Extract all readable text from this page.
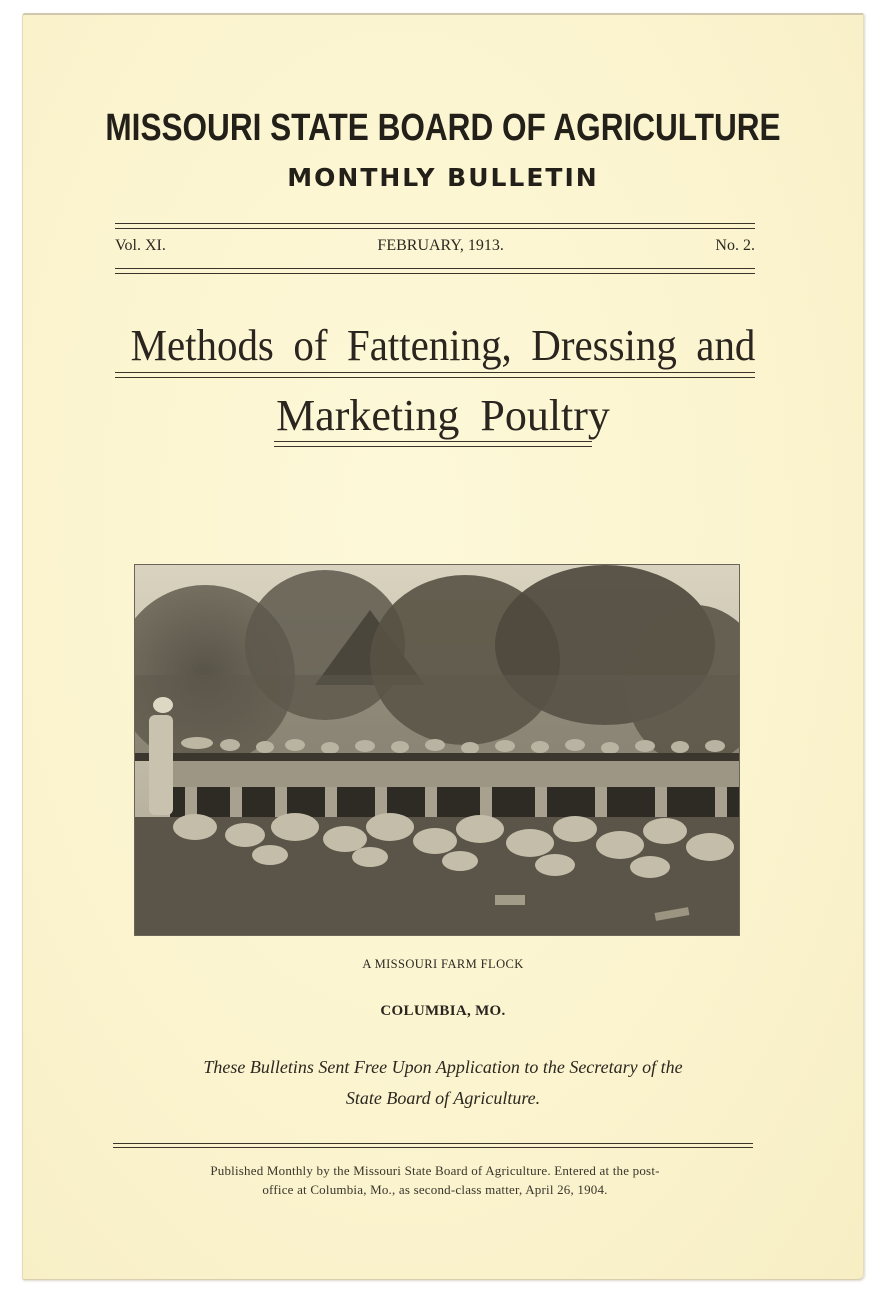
MISSOURI STATE BOARD OF AGRICULTURE
MONTHLY BULLETIN
Vol. XI.	FEBRUARY, 1913.	No. 2.
Methods of Fattening, Dressing and
Marketing Poultry
A MISSOURI FARM FLOCK
COLUMBIA, MO.
These Bulletins Sent Free Upon Application to the Secretary of the
State Board of Agriculture.
Published Monthly by the Missouri State Board of Agriculture. Entered at the post-
office at Columbia, Mo., as second-class matter, April 26, 1904.
